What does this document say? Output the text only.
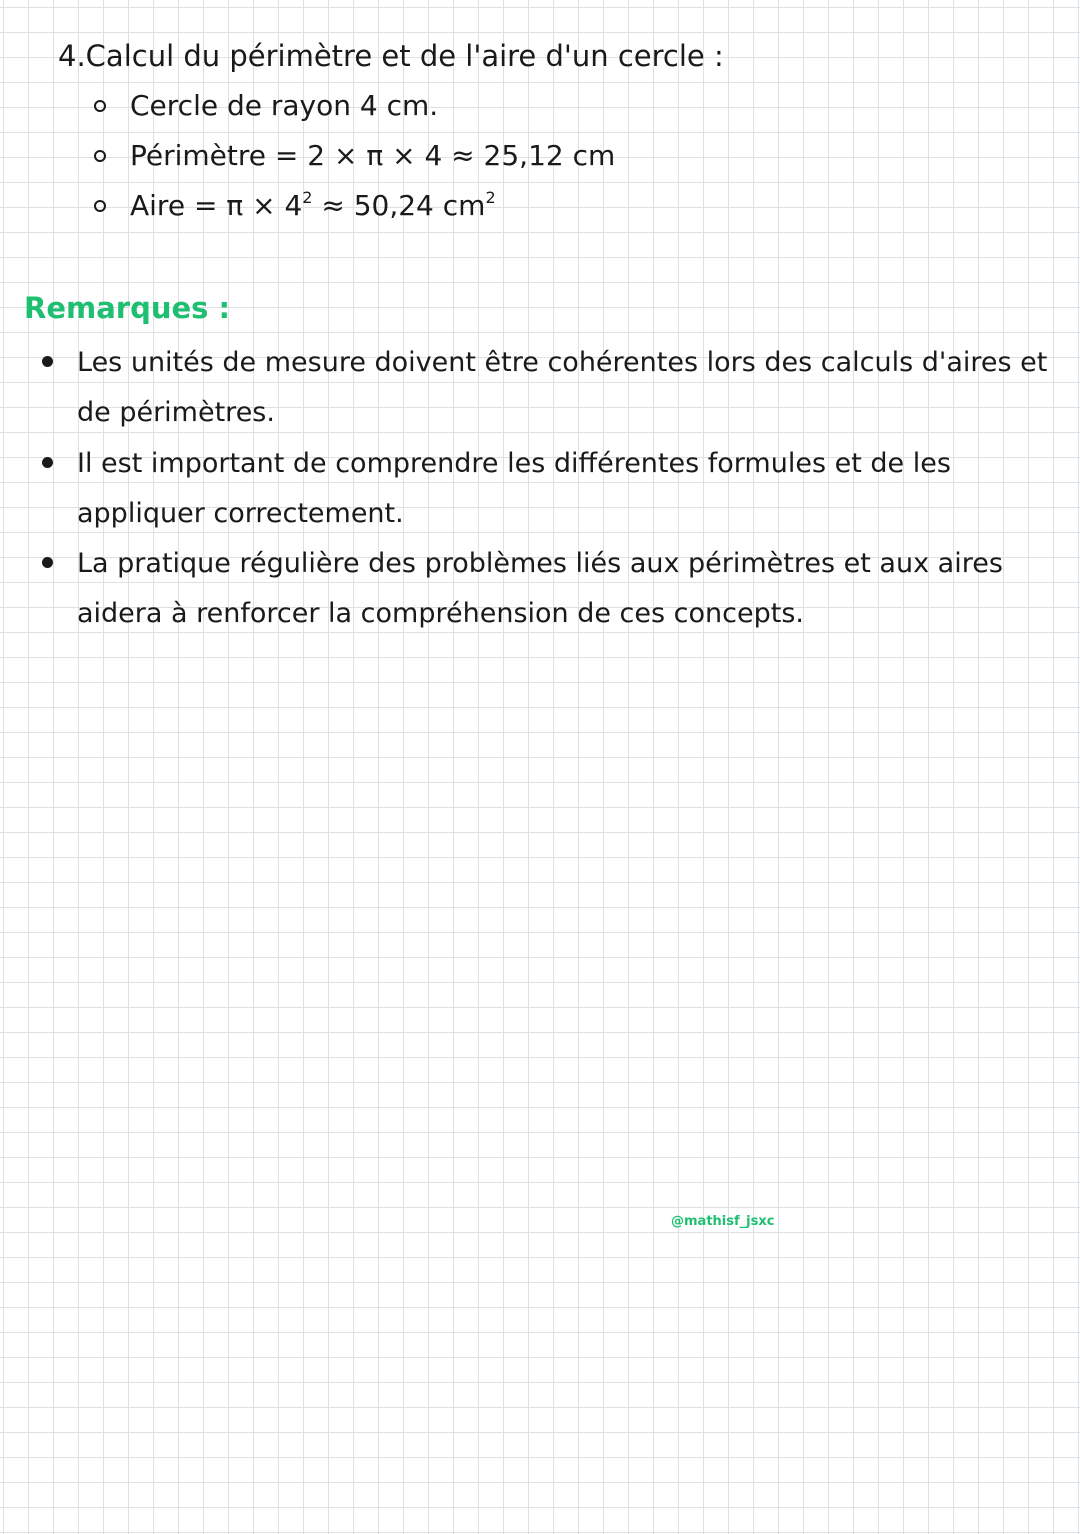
4.Calcul du périmètre et de l'aire d'un cercle :
Cercle de rayon 4 cm.
Périmètre = 2 × π × 4 ≈ 25,12 cm
Aire = $\pi \times 4^2 \approx 50,24$ $cm^2$
Remarques :
Les unités de mesure doivent être cohérentes lors des calculs d'aires et de périmètres.
Il est important de comprendre les différentes formules et de les appliquer correctement.
La pratique régulière des problèmes liés aux périmètres et aux aires aidera à renforcer la compréhension de ces concepts.
@mathisf_jsxc
